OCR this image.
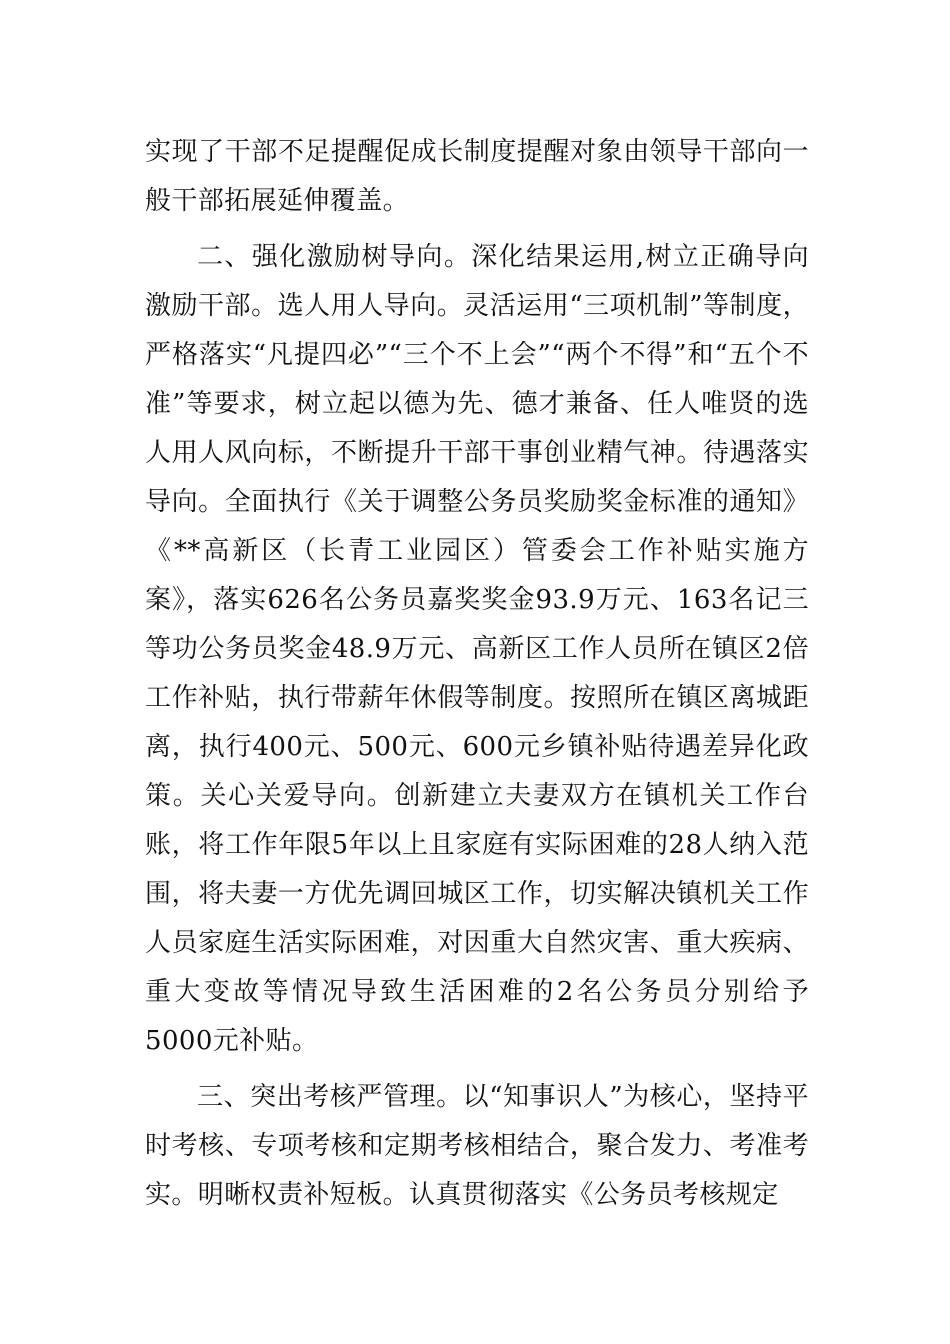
实现了干部不足提醒促成长制度提醒对象由领导干部向一般干部拓展延伸覆盖。

二、强化激励树导向。深化结果运用,树立正确导向激励干部。选人用人导向。灵活运用“三项机制”等制度，严格落实“凡提四必”“三个不上会”“两个不得”和“五个不准”等要求，树立起以德为先、德才兼备、任人唯贤的选人用人风向标，不断提升干部干事创业精气神。待遇落实导向。全面执行《关于调整公务员奖励奖金标准的通知》《**高新区（长青工业园区）管委会工作补贴实施方案》，落实626名公务员嘉奖奖金93.9万元、163名记三等功公务员奖金48.9万元、高新区工作人员所在镇区2倍工作补贴，执行带薪年休假等制度。按照所在镇区离城距离，执行400元、500元、600元乡镇补贴待遇差异化政策。关心关爱导向。创新建立夫妻双方在镇机关工作台账，将工作年限5年以上且家庭有实际困难的28人纳入范围，将夫妻一方优先调回城区工作，切实解决镇机关工作人员家庭生活实际困难，对因重大自然灾害、重大疾病、重大变故等情况导致生活困难的2名公务员分别给予5000元补贴。

三、突出考核严管理。以“知事识人”为核心，坚持平时考核、专项考核和定期考核相结合，聚合发力、考准考实。明晰权责补短板。认真贯彻落实《公务员考核规定
